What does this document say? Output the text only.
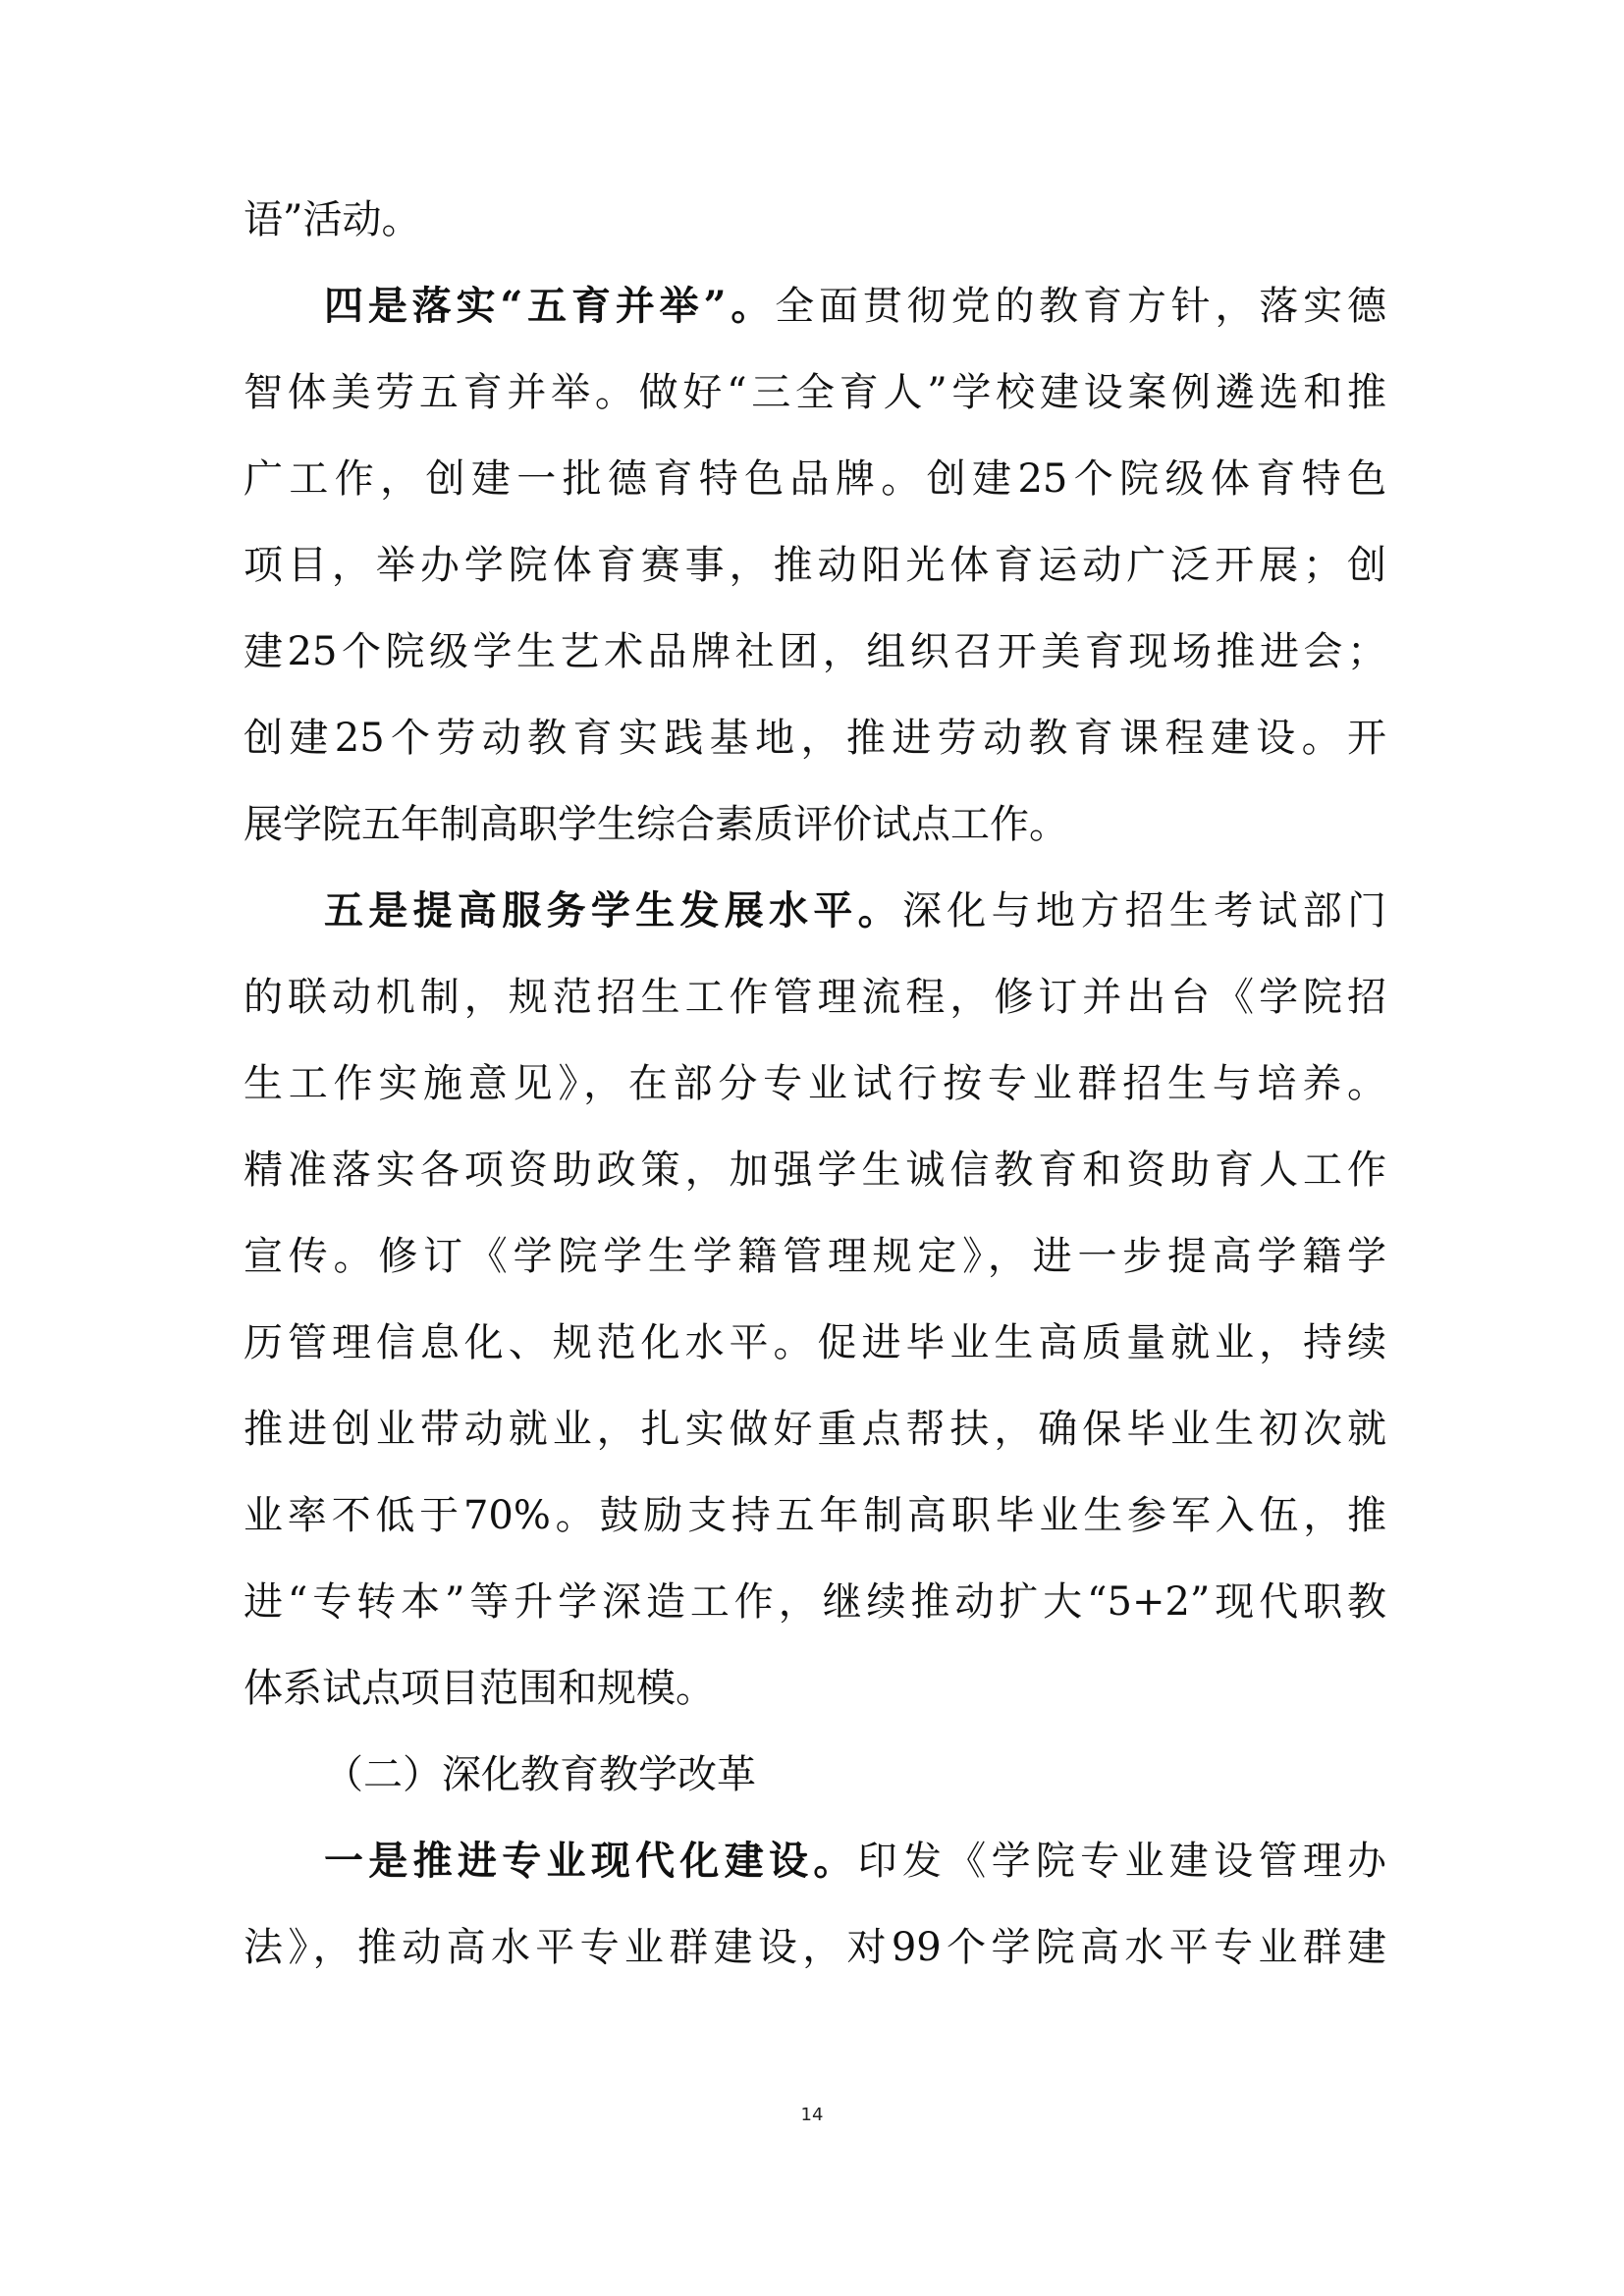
语”活动。
四是落实“五育并举”。全面贯彻党的教育方针，落实德
智体美劳五育并举。做好“三全育人”学校建设案例遴选和推
广工作，创建一批德育特色品牌。创建25个院级体育特色
项目，举办学院体育赛事，推动阳光体育运动广泛开展；创
建25个院级学生艺术品牌社团，组织召开美育现场推进会；
创建25个劳动教育实践基地，推进劳动教育课程建设。开
展学院五年制高职学生综合素质评价试点工作。
五是提高服务学生发展水平。深化与地方招生考试部门
的联动机制，规范招生工作管理流程，修订并出台《学院招
生工作实施意见》，在部分专业试行按专业群招生与培养。
精准落实各项资助政策，加强学生诚信教育和资助育人工作
宣传。修订《学院学生学籍管理规定》，进一步提高学籍学
历管理信息化、规范化水平。促进毕业生高质量就业，持续
推进创业带动就业，扎实做好重点帮扶，确保毕业生初次就
业率不低于70%。鼓励支持五年制高职毕业生参军入伍，推
进“专转本”等升学深造工作，继续推动扩大“5+2”现代职教
体系试点项目范围和规模。
（二）深化教育教学改革
一是推进专业现代化建设。印发《学院专业建设管理办
法》，推动高水平专业群建设，对99个学院高水平专业群建
14
